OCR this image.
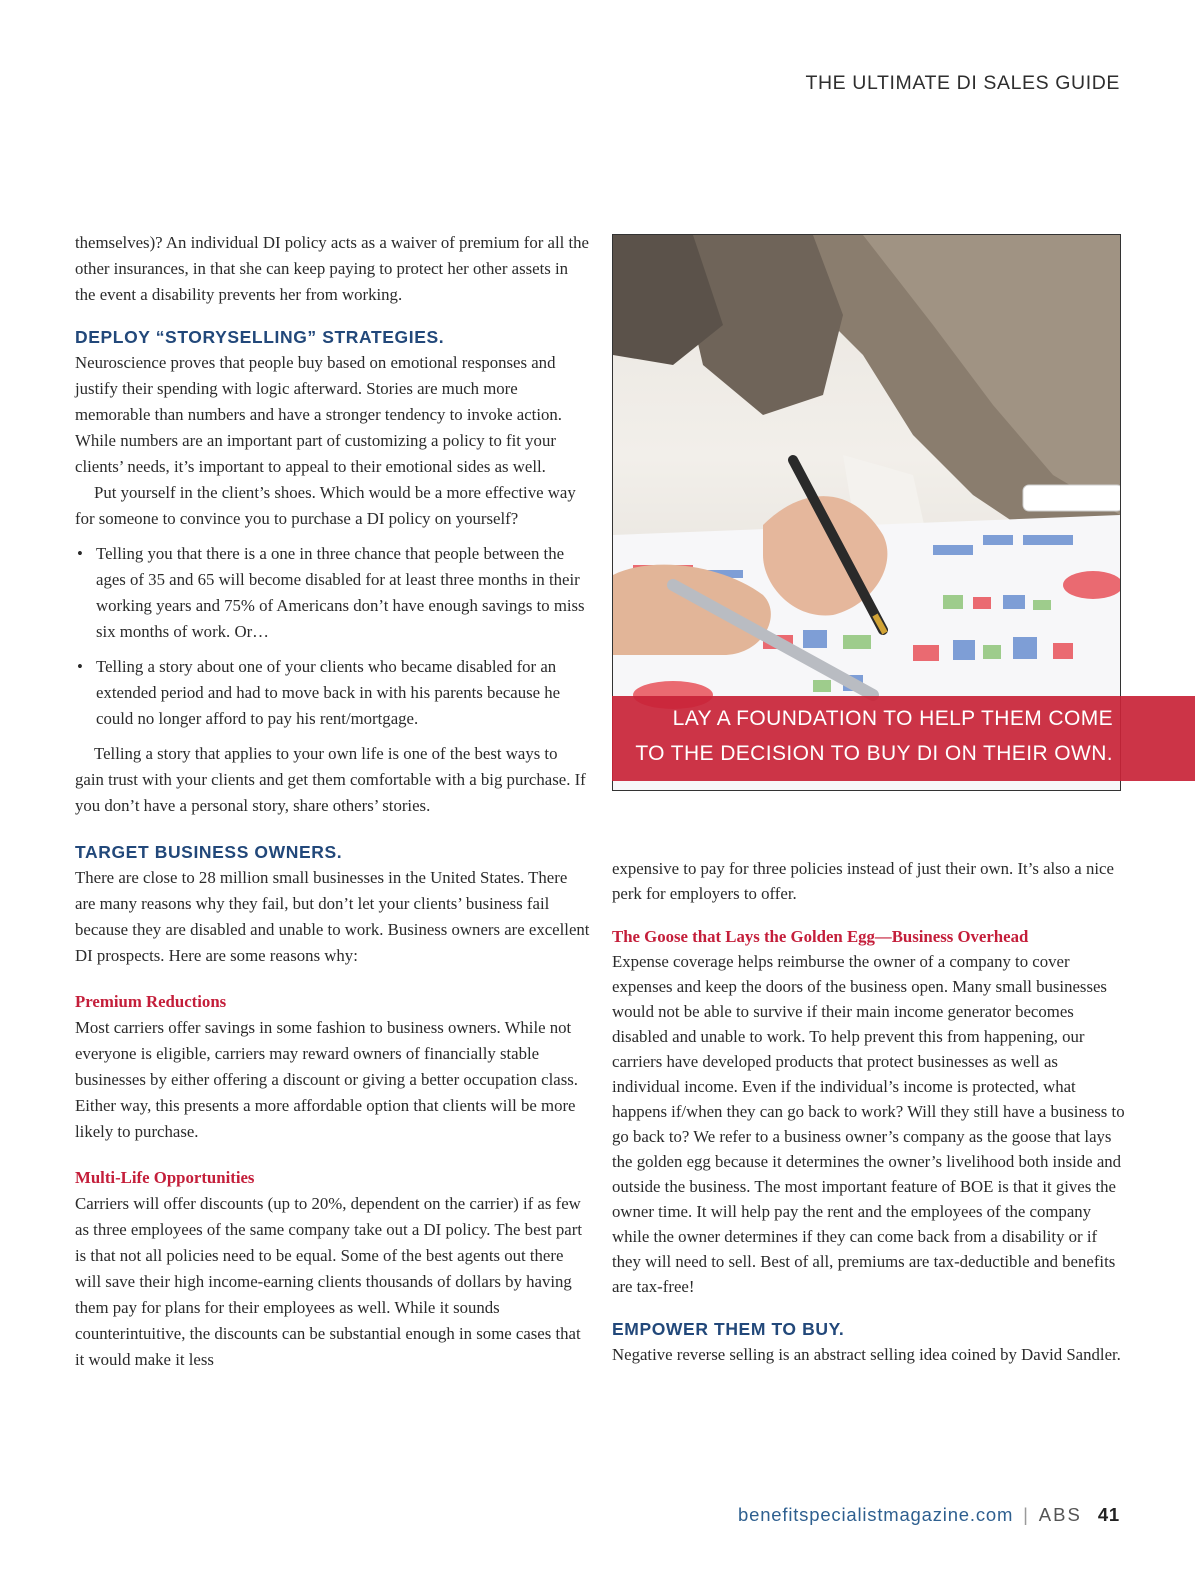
THE ULTIMATE DI SALES GUIDE

themselves)? An individual DI policy acts as a waiver of premium for all the other insurances, in that she can keep paying to protect her other assets in the event a disability prevents her from working.

DEPLOY “STORYSELLING” STRATEGIES.

Neuroscience proves that people buy based on emotional responses and justify their spending with logic afterward. Stories are much more memorable than numbers and have a stronger tendency to invoke action. While numbers are an important part of customizing a policy to fit your clients’ needs, it’s important to appeal to their emotional sides as well.

Put yourself in the client’s shoes. Which would be a more effective way for someone to convince you to purchase a DI policy on yourself?

• Telling you that there is a one in three chance that people between the ages of 35 and 65 will become disabled for at least three months in their working years and 75% of Americans don’t have enough savings to miss six months of work. Or…
• Telling a story about one of your clients who became disabled for an extended period and had to move back in with his parents because he could no longer afford to pay his rent/mortgage.

Telling a story that applies to your own life is one of the best ways to gain trust with your clients and get them comfortable with a big purchase. If you don’t have a personal story, share others’ stories.

TARGET BUSINESS OWNERS.

There are close to 28 million small businesses in the United States. There are many reasons why they fail, but don’t let your clients’ business fail because they are disabled and unable to work. Business owners are excellent DI prospects. Here are some reasons why:

Premium Reductions

Most carriers offer savings in some fashion to business owners. While not everyone is eligible, carriers may reward owners of financially stable businesses by either offering a discount or giving a better occupation class. Either way, this presents a more affordable option that clients will be more likely to purchase.

Multi-Life Opportunities

Carriers will offer discounts (up to 20%, dependent on the carrier) if as few as three employees of the same company take out a DI policy. The best part is that not all policies need to be equal. Some of the best agents out there will save their high income-earning clients thousands of dollars by having them pay for plans for their employees as well. While it sounds counterintuitive, the discounts can be substantial enough in some cases that it would make it less

LAY A FOUNDATION TO HELP THEM COME
TO THE DECISION TO BUY DI ON THEIR OWN.

expensive to pay for three policies instead of just their own. It’s also a nice perk for employers to offer.

The Goose that Lays the Golden Egg—Business Overhead

Expense coverage helps reimburse the owner of a company to cover expenses and keep the doors of the business open. Many small businesses would not be able to survive if their main income generator becomes disabled and unable to work. To help prevent this from happening, our carriers have developed products that protect businesses as well as individual income. Even if the individual’s income is protected, what happens if/when they can go back to work? Will they still have a business to go back to? We refer to a business owner’s company as the goose that lays the golden egg because it determines the owner’s livelihood both inside and outside the business. The most important feature of BOE is that it gives the owner time. It will help pay the rent and the employees of the company while the owner determines if they can come back from a disability or if they will need to sell. Best of all, premiums are tax-deductible and benefits are tax-free!

EMPOWER THEM TO BUY.

Negative reverse selling is an abstract selling idea coined by David Sandler.

benefitspecialistmagazine.com | ABS 41
